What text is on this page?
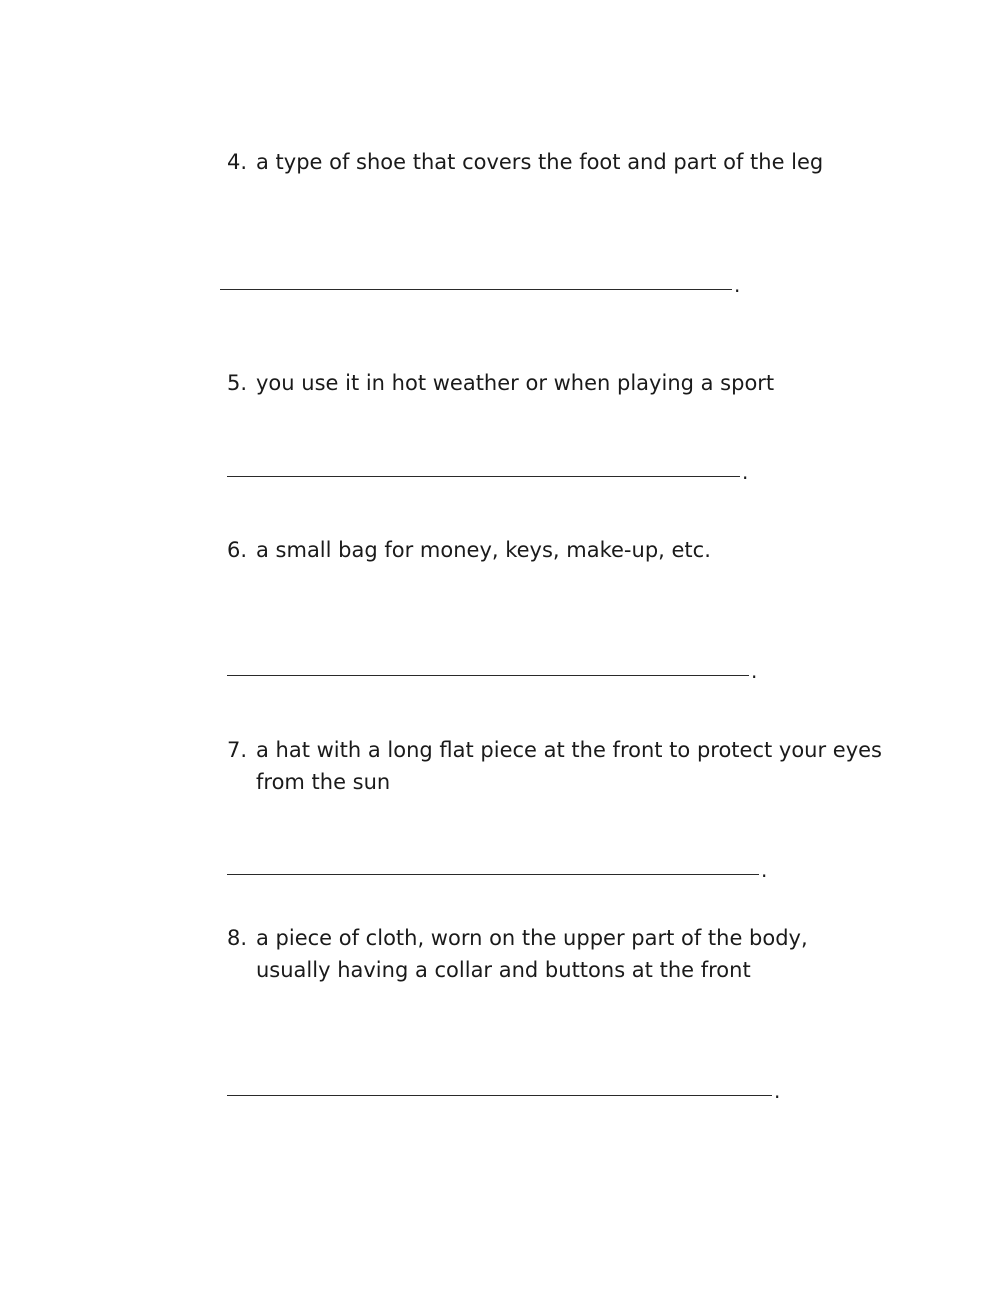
4. a type of shoe that covers the foot and part of the leg
.
5. you use it in hot weather or when playing a sport
.
6. a small bag for money, keys, make-up, etc.
.
7. a hat with a long flat piece at the front to protect your eyes from the sun
.
8. a piece of cloth, worn on the upper part of the body, usually having a collar and buttons at the front
.
